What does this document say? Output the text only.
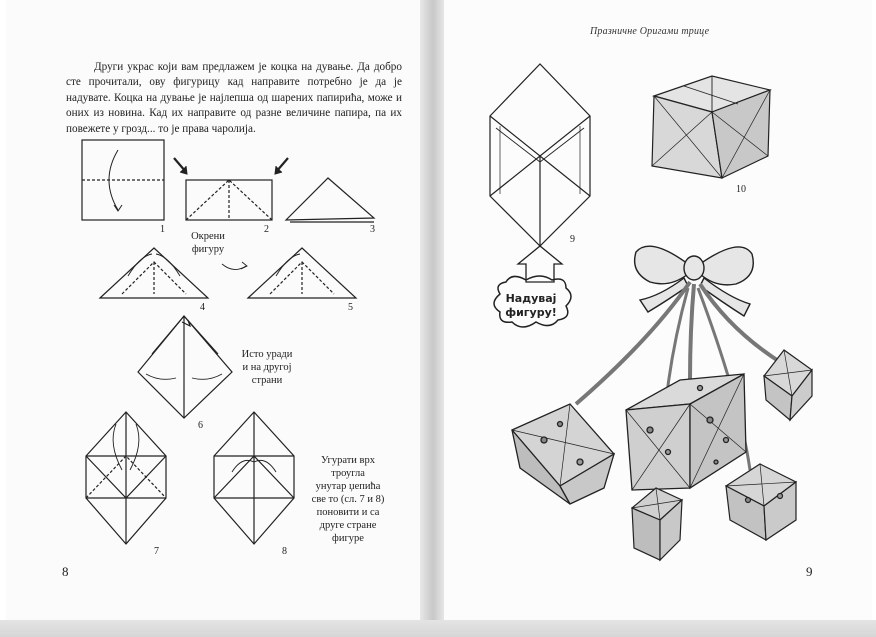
Други украс који вам предлажем је коцка на дување. Да добро сте прочитали, ову фигурицу кад направите потребно је да је надувате. Коцка на дување је најлепша од шарених папирића, може и оних из новина. Кад их направите од разне величине папира, па их повежете у грозд... то је права чаролија.

Празничне Оригами трице
Окрени
фигуру
Исто уради
и на другој
страни
Угурати врх
троугла
унутар џепића
све то (сл. 7 и 8)
поновити и са
друге стране
фигуре
1	2	3
4	5
6
7	8
9
10
Надувај
фигуру!
8	9
